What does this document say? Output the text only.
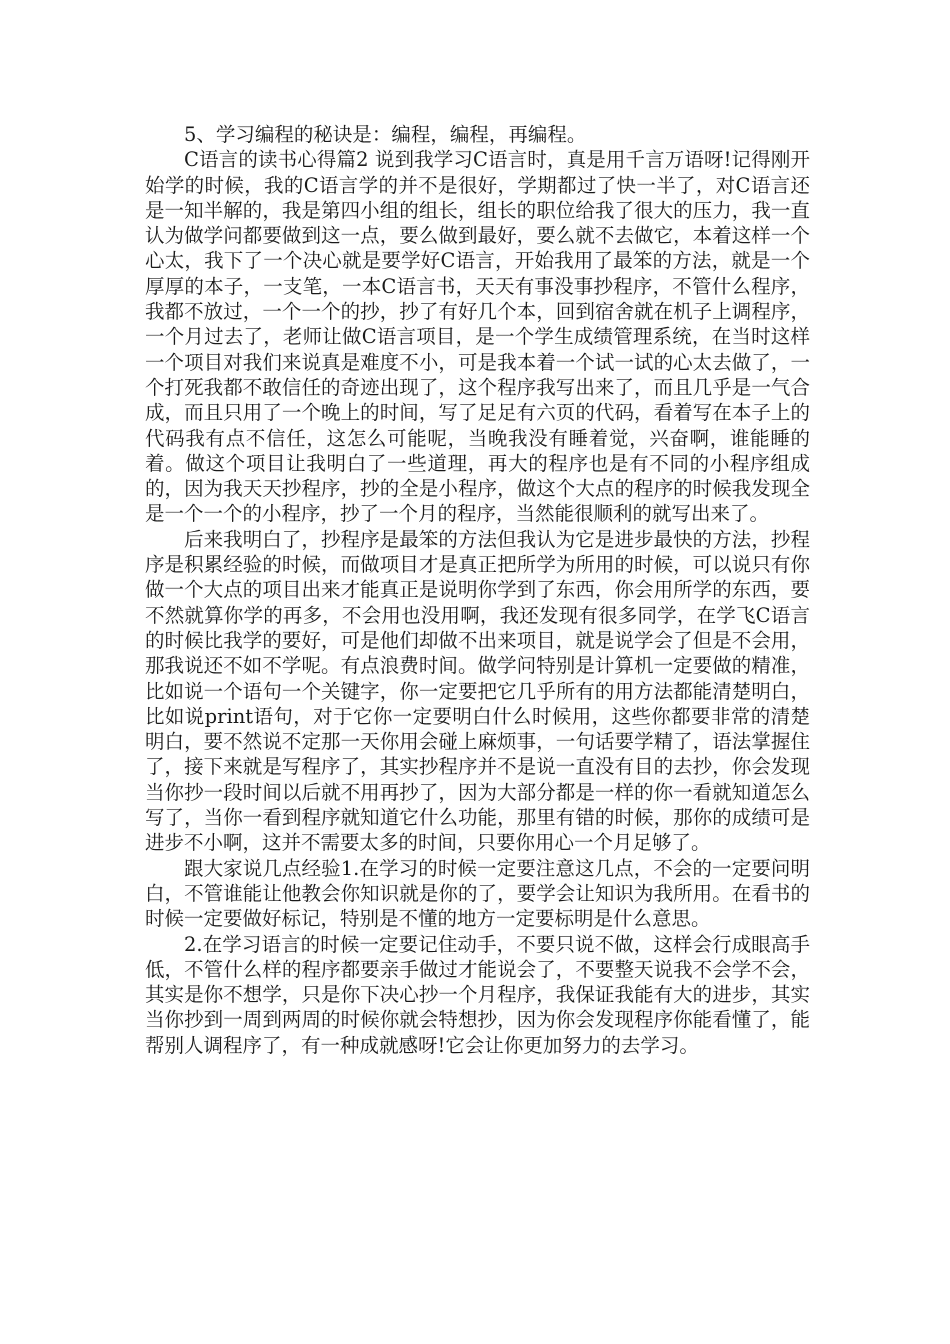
5、学习编程的秘诀是：编程，编程，再编程。

C语言的读书心得篇2 说到我学习C语言时，真是用千言万语呀!记得刚开始学的时候，我的C语言学的并不是很好，学期都过了快一半了，对C语言还是一知半解的，我是第四小组的组长，组长的职位给我了很大的压力，我一直认为做学问都要做到这一点，要么做到最好，要么就不去做它，本着这样一个心太，我下了一个决心就是要学好C语言，开始我用了最笨的方法，就是一个厚厚的本子，一支笔，一本C语言书，天天有事没事抄程序，不管什么程序，我都不放过，一个一个的抄，抄了有好几个本，回到宿舍就在机子上调程序，一个月过去了，老师让做C语言项目，是一个学生成绩管理系统，在当时这样一个项目对我们来说真是难度不小，可是我本着一个试一试的心太去做了，一个打死我都不敢信任的奇迹出现了，这个程序我写出来了，而且几乎是一气合成，而且只用了一个晚上的时间，写了足足有六页的代码，看着写在本子上的代码我有点不信任，这怎么可能呢，当晚我没有睡着觉，兴奋啊，谁能睡的着。做这个项目让我明白了一些道理，再大的程序也是有不同的小程序组成的，因为我天天抄程序，抄的全是小程序，做这个大点的程序的时候我发现全是一个一个的小程序，抄了一个月的程序，当然能很顺利的就写出来了。

后来我明白了，抄程序是最笨的方法但我认为它是进步最快的方法，抄程序是积累经验的时候，而做项目才是真正把所学为所用的时候，可以说只有你做一个大点的项目出来才能真正是说明你学到了东西，你会用所学的东西，要不然就算你学的再多，不会用也没用啊，我还发现有很多同学，在学飞C语言的时候比我学的要好，可是他们却做不出来项目，就是说学会了但是不会用，那我说还不如不学呢。有点浪费时间。做学问特别是计算机一定要做的精准，比如说一个语句一个关键字，你一定要把它几乎所有的用方法都能清楚明白，比如说print语句，对于它你一定要明白什么时候用，这些你都要非常的清楚明白，要不然说不定那一天你用会碰上麻烦事，一句话要学精了，语法掌握住了，接下来就是写程序了，其实抄程序并不是说一直没有目的去抄，你会发现当你抄一段时间以后就不用再抄了，因为大部分都是一样的你一看就知道怎么写了，当你一看到程序就知道它什么功能，那里有错的时候，那你的成绩可是进步不小啊，这并不需要太多的时间，只要你用心一个月足够了。

跟大家说几点经验1.在学习的时候一定要注意这几点，不会的一定要问明白，不管谁能让他教会你知识就是你的了，要学会让知识为我所用。在看书的时候一定要做好标记，特别是不懂的地方一定要标明是什么意思。

2.在学习语言的时候一定要记住动手，不要只说不做，这样会行成眼高手低，不管什么样的程序都要亲手做过才能说会了，不要整天说我不会学不会，其实是你不想学，只是你下决心抄一个月程序，我保证我能有大的进步，其实当你抄到一周到两周的时候你就会特想抄，因为你会发现程序你能看懂了，能帮别人调程序了，有一种成就感呀!它会让你更加努力的去学习。
